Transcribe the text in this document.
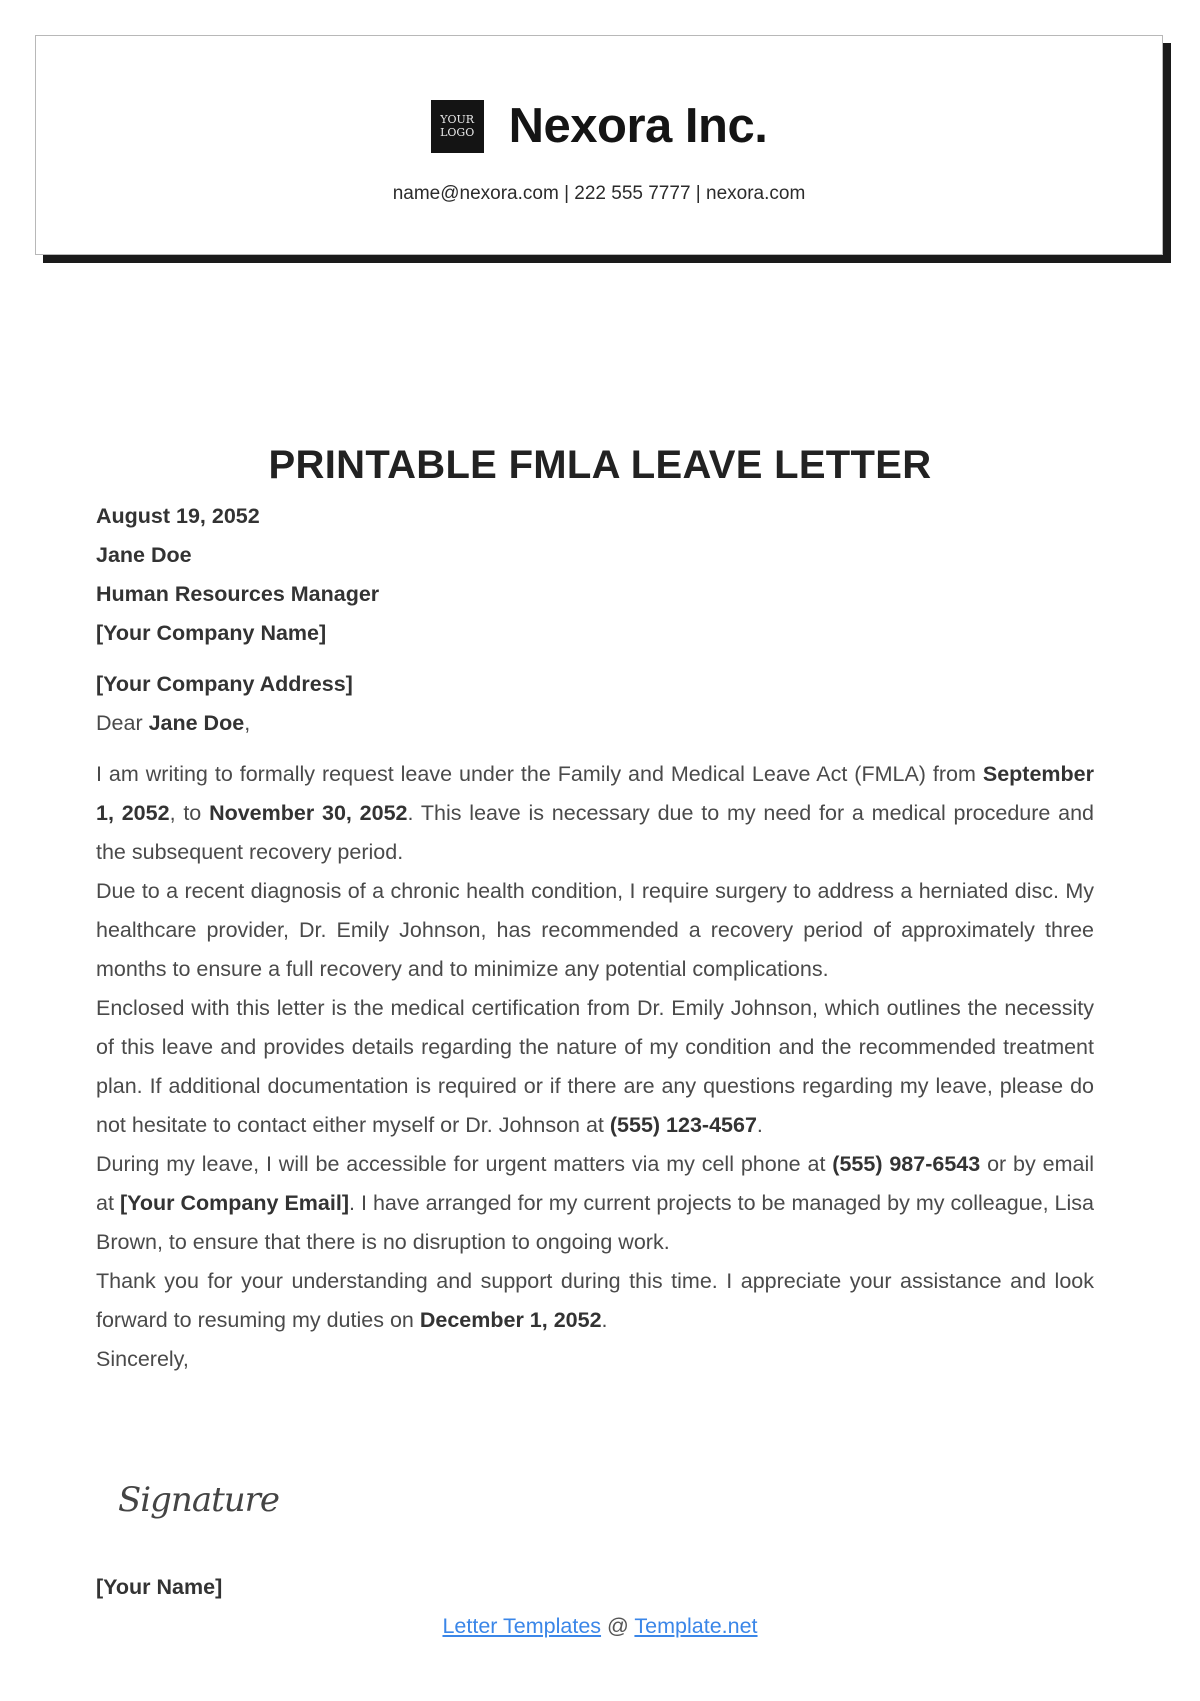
YOUR
LOGO Nexora Inc.
name@nexora.com | 222 555 7777 | nexora.com
PRINTABLE FMLA LEAVE LETTER
August 19, 2052
Jane Doe
Human Resources Manager
[Your Company Name]
[Your Company Address]
Dear Jane Doe,
I am writing to formally request leave under the Family and Medical Leave Act (FMLA) from September 1, 2052, to November 30, 2052. This leave is necessary due to my need for a medical procedure and the subsequent recovery period.
Due to a recent diagnosis of a chronic health condition, I require surgery to address a herniated disc. My healthcare provider, Dr. Emily Johnson, has recommended a recovery period of approximately three months to ensure a full recovery and to minimize any potential complications.
Enclosed with this letter is the medical certification from Dr. Emily Johnson, which outlines the necessity of this leave and provides details regarding the nature of my condition and the recommended treatment plan. If additional documentation is required or if there are any questions regarding my leave, please do not hesitate to contact either myself or Dr. Johnson at (555) 123-4567.
During my leave, I will be accessible for urgent matters via my cell phone at (555) 987-6543 or by email at [Your Company Email]. I have arranged for my current projects to be managed by my colleague, Lisa Brown, to ensure that there is no disruption to ongoing work.
Thank you for your understanding and support during this time. I appreciate your assistance and look forward to resuming my duties on December 1, 2052.
Sincerely,
Signature
[Your Name]
Letter Templates @ Template.net
